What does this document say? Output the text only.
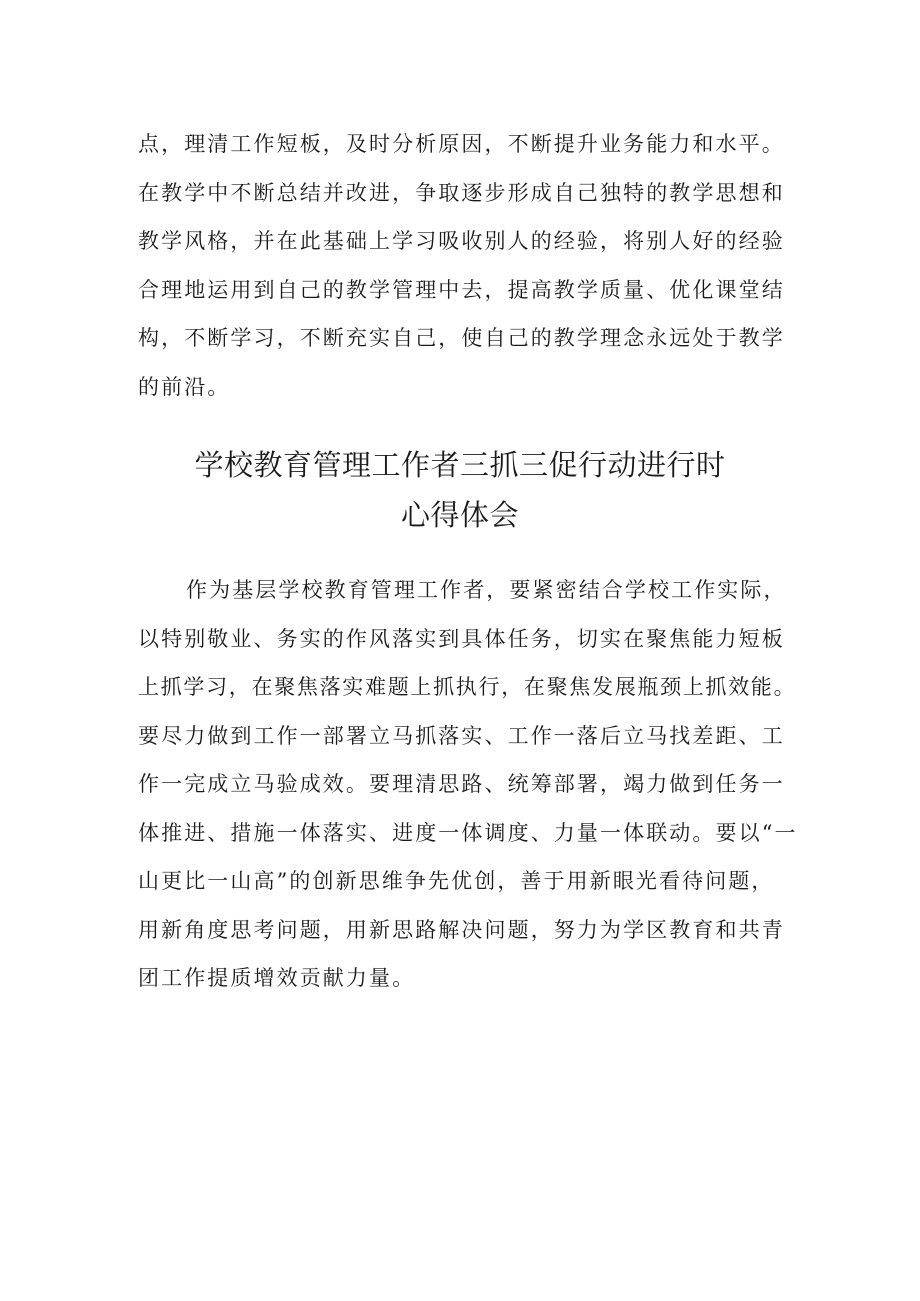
点，理清工作短板，及时分析原因，不断提升业务能力和水平。
在教学中不断总结并改进，争取逐步形成自己独特的教学思想和
教学风格，并在此基础上学习吸收别人的经验，将别人好的经验
合理地运用到自己的教学管理中去，提高教学质量、优化课堂结
构，不断学习，不断充实自己，使自己的教学理念永远处于教学
的前沿。
学校教育管理工作者三抓三促行动进行时
心得体会
作为基层学校教育管理工作者，要紧密结合学校工作实际，
以特别敬业、务实的作风落实到具体任务，切实在聚焦能力短板
上抓学习，在聚焦落实难题上抓执行，在聚焦发展瓶颈上抓效能。
要尽力做到工作一部署立马抓落实、工作一落后立马找差距、工
作一完成立马验成效。要理清思路、统筹部署，竭力做到任务一
体推进、措施一体落实、进度一体调度、力量一体联动。要以“一
山更比一山高”的创新思维争先优创，善于用新眼光看待问题，
用新角度思考问题，用新思路解决问题，努力为学区教育和共青
团工作提质增效贡献力量。
